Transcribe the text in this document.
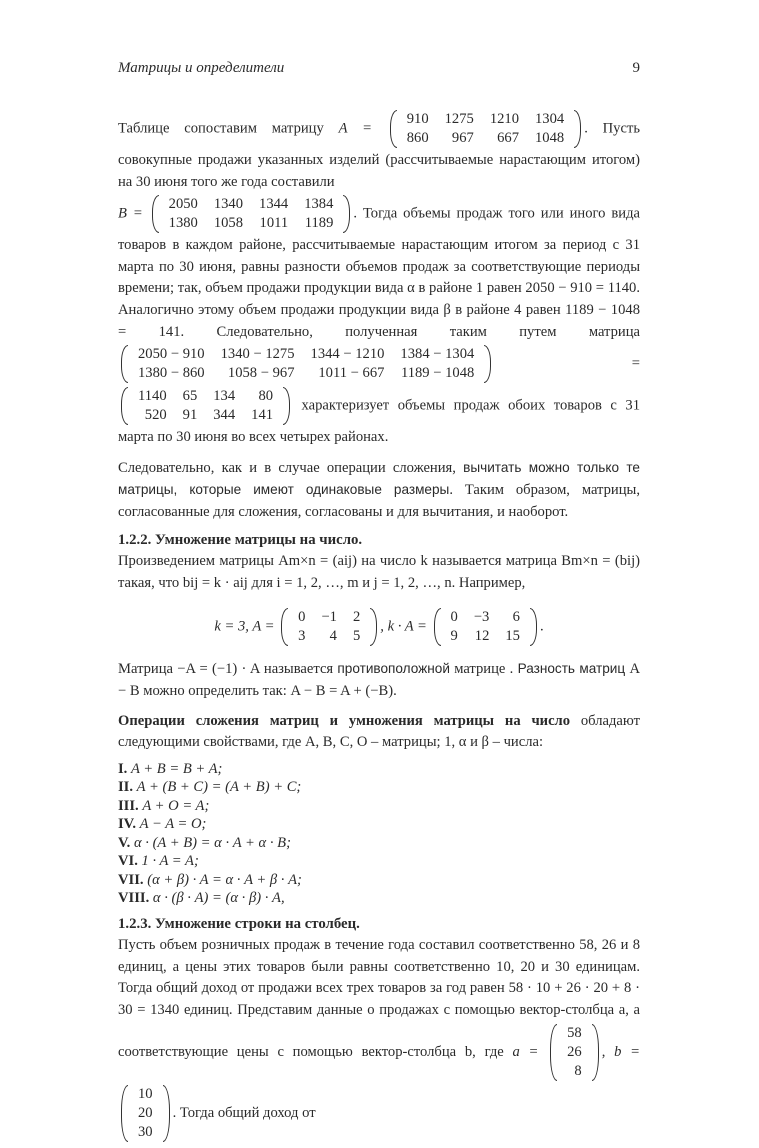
Матрицы и определители	9

Таблице сопоставим матрицу A =
910	1275	1210	1304
860	967	667	1048
. Пусть совокупные продажи указанных изделий (рассчитываемые нарастающим итогом) на 30 июня того же года составили
B =
2050	1340	1344	1384
1380	1058	1011	1189
. Тогда объемы продаж того или иного вида товаров в каждом районе, рассчитываемые нарастающим итогом за период с 31 марта по 30 июня, равны разности объемов продаж за соответствующие периоды времени; так, объем продажи продукции вида α в районе 1 равен 2050 − 910 = 1140. Аналогично этому объем продажи продукции вида β в районе 4 равен 1189 − 1048 = 141. Следовательно, полученная таким путем матрица
2050 − 910	1340 − 1275	1344 − 1210	1384 − 1304
1380 − 860	1058 − 967	1011 − 667	1189 − 1048
=
1140	65	134	80
520	91	344	141
характеризует объемы продаж обоих товаров с 31 марта по 30 июня во всех четырех районах.

Следовательно, как и в случае операции сложения, вычитать можно только те матрицы, которые имеют одинаковые размеры. Таким образом, матрицы, согласованные для сложения, согласованы и для вычитания, и наоборот.

1.2.2. Умножение матрицы на число.

Произведением матрицы Am×n = (aij) на число k называется матрица Bm×n = (bij) такая, что bij = k · aij для i = 1, 2, …, m и j = 1, 2, …, n. Например,

k = 3, A =
0	−1	2
3	4	5
, k · A =
0	−3	6
9	12	15
.

Матрица −A = (−1) · A называется противоположной матрице . Разность матриц A − B можно определить так: A − B = A + (−B).

Операции сложения матриц и умножения матрицы на число обладают следующими свойствами, где A, B, C, O – матрицы; 1, α и β – числа:

I. A + B = B + A;
II. A + (B + C) = (A + B) + C;
III. A + O = A;
IV. A − A = O;
V. α · (A + B) = α · A + α · B;
VI. 1 · A = A;
VII. (α + β) · A = α · A + β · A;
VIII. α · (β · A) = (α · β) · A,
1.2.3. Умножение строки на столбец.

Пусть объем розничных продаж в течение года составил соответственно 58, 26 и 8 единиц, а цены этих товаров были равны соответственно 10, 20 и 30 единицам. Тогда общий доход от продажи всех трех товаров за год равен 58 · 10 + 26 · 20 + 8 · 30 = 1340 единиц. Представим данные о продажах с помощью вектор-столбца a, а соответствующие цены с помощью вектор-столбца b, где a =
58
26
8
, b =
10
20
30
. Тогда общий доход от
